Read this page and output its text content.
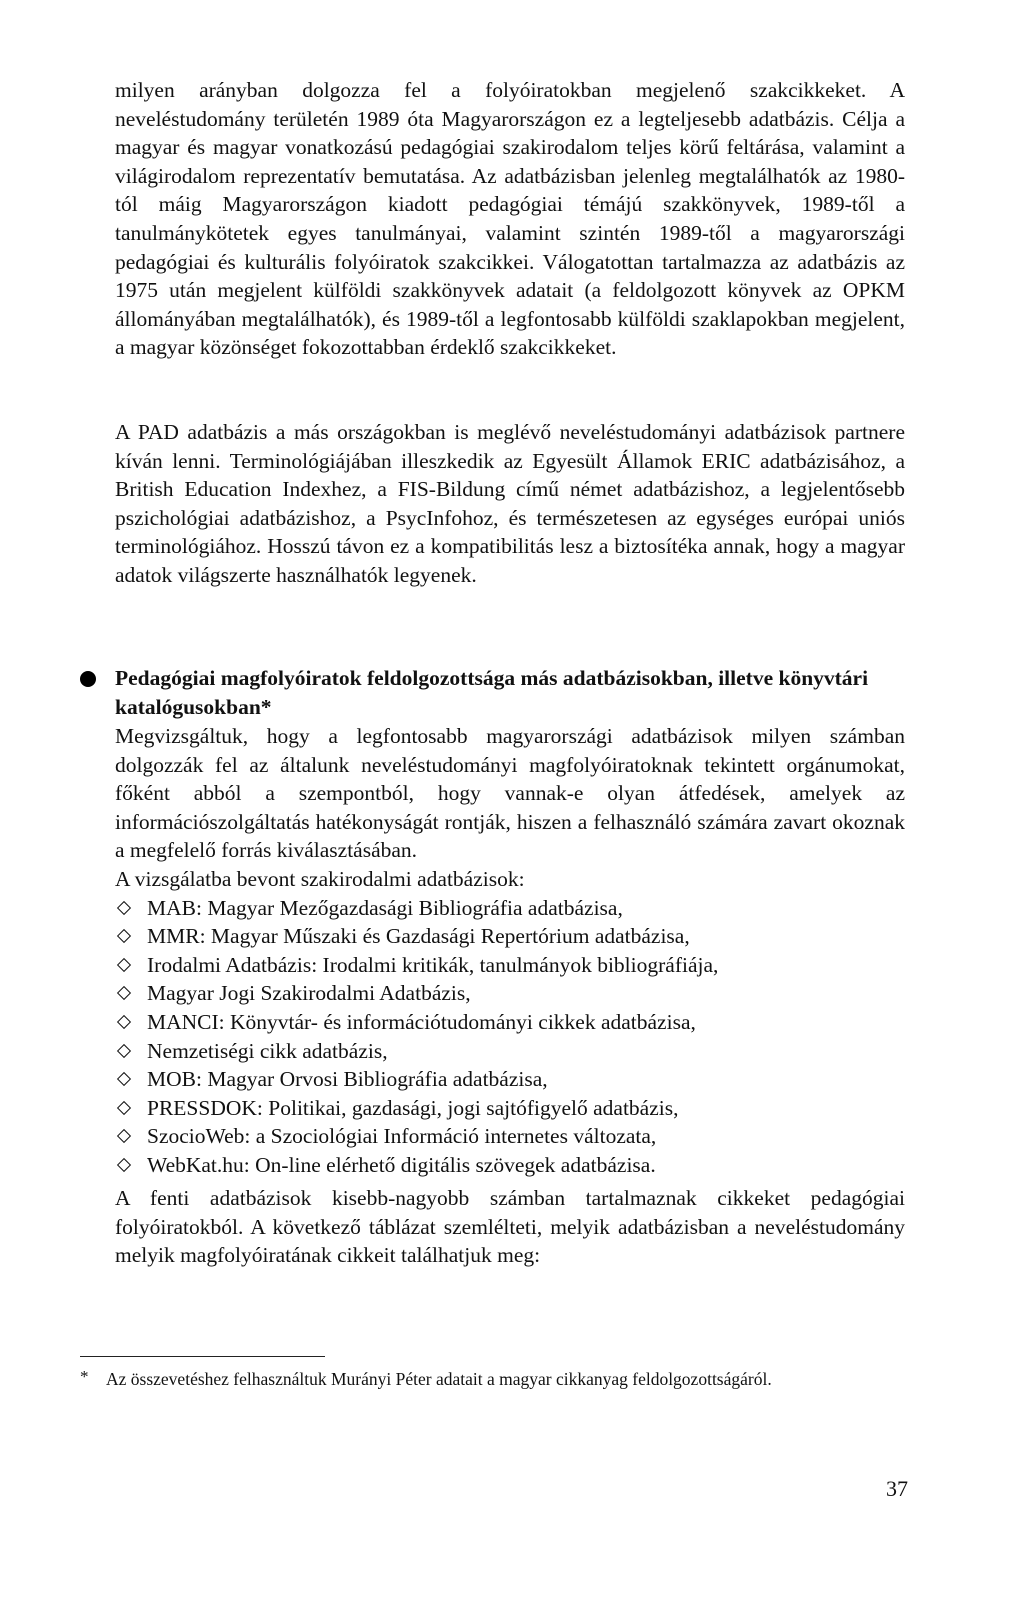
milyen arányban dolgozza fel a folyóiratokban megjelenő szakcikkeket. A neveléstudomány területén 1989 óta Magyarországon ez a legteljesebb adatbázis. Célja a magyar és magyar vonatkozású pedagógiai szakirodalom teljes körű feltárása, valamint a világirodalom reprezentatív bemutatása. Az adatbázisban jelenleg megtalálhatók az 1980-tól máig Magyarországon kiadott pedagógiai témájú szakkönyvek, 1989-től a tanulmánykötetek egyes tanulmányai, valamint szintén 1989-től a magyarországi pedagógiai és kulturális folyóiratok szakcikkei. Válogatottan tartalmazza az adatbázis az 1975 után megjelent külföldi szakkönyvek adatait (a feldolgozott könyvek az OPKM állományában megtalálhatók), és 1989-től a legfontosabb külföldi szaklapokban megjelent, a magyar közönséget fokozottabban érdeklő szakcikkeket.

A PAD adatbázis a más országokban is meglévő neveléstudományi adatbázisok partnere kíván lenni. Terminológiájában illeszkedik az Egyesült Államok ERIC adatbázisához, a British Education Indexhez, a FIS-Bildung című német adatbázishoz, a legjelentősebb pszichológiai adatbázishoz, a PsycInfohoz, és természetesen az egységes európai uniós terminológiához. Hosszú távon ez a kompatibilitás lesz a biztosítéka annak, hogy a magyar adatok világszerte használhatók legyenek.

Pedagógiai magfolyóiratok feldolgozottsága más adatbázisokban, illetve könyvtári katalógusokban*

Megvizsgáltuk, hogy a legfontosabb magyarországi adatbázisok milyen számban dolgozzák fel az általunk neveléstudományi magfolyóiratoknak tekintett orgánumokat, főként abból a szempontból, hogy vannak-e olyan átfedések, amelyek az információszolgáltatás hatékonyságát rontják, hiszen a felhasználó számára zavart okoznak a megfelelő forrás kiválasztásában.

A vizsgálatba bevont szakirodalmi adatbázisok:

MAB: Magyar Mezőgazdasági Bibliográfia adatbázisa,
MMR: Magyar Műszaki és Gazdasági Repertórium adatbázisa,
Irodalmi Adatbázis: Irodalmi kritikák, tanulmányok bibliográfiája,
Magyar Jogi Szakirodalmi Adatbázis,
MANCI: Könyvtár- és információtudományi cikkek adatbázisa,
Nemzetiségi cikk adatbázis,
MOB: Magyar Orvosi Bibliográfia adatbázisa,
PRESSDOK: Politikai, gazdasági, jogi sajtófigyelő adatbázis,
SzocioWeb: a Szociológiai Információ internetes változata,
WebKat.hu: On-line elérhető digitális szövegek adatbázisa.

A fenti adatbázisok kisebb-nagyobb számban tartalmaznak cikkeket pedagógiai folyóiratokból. A következő táblázat szemlélteti, melyik adatbázisban a neveléstudomány melyik magfolyóiratának cikkeit találhatjuk meg:

*	Az összevetéshez felhasználtuk Murányi Péter adatait a magyar cikkanyag feldolgozottságáról.

37
